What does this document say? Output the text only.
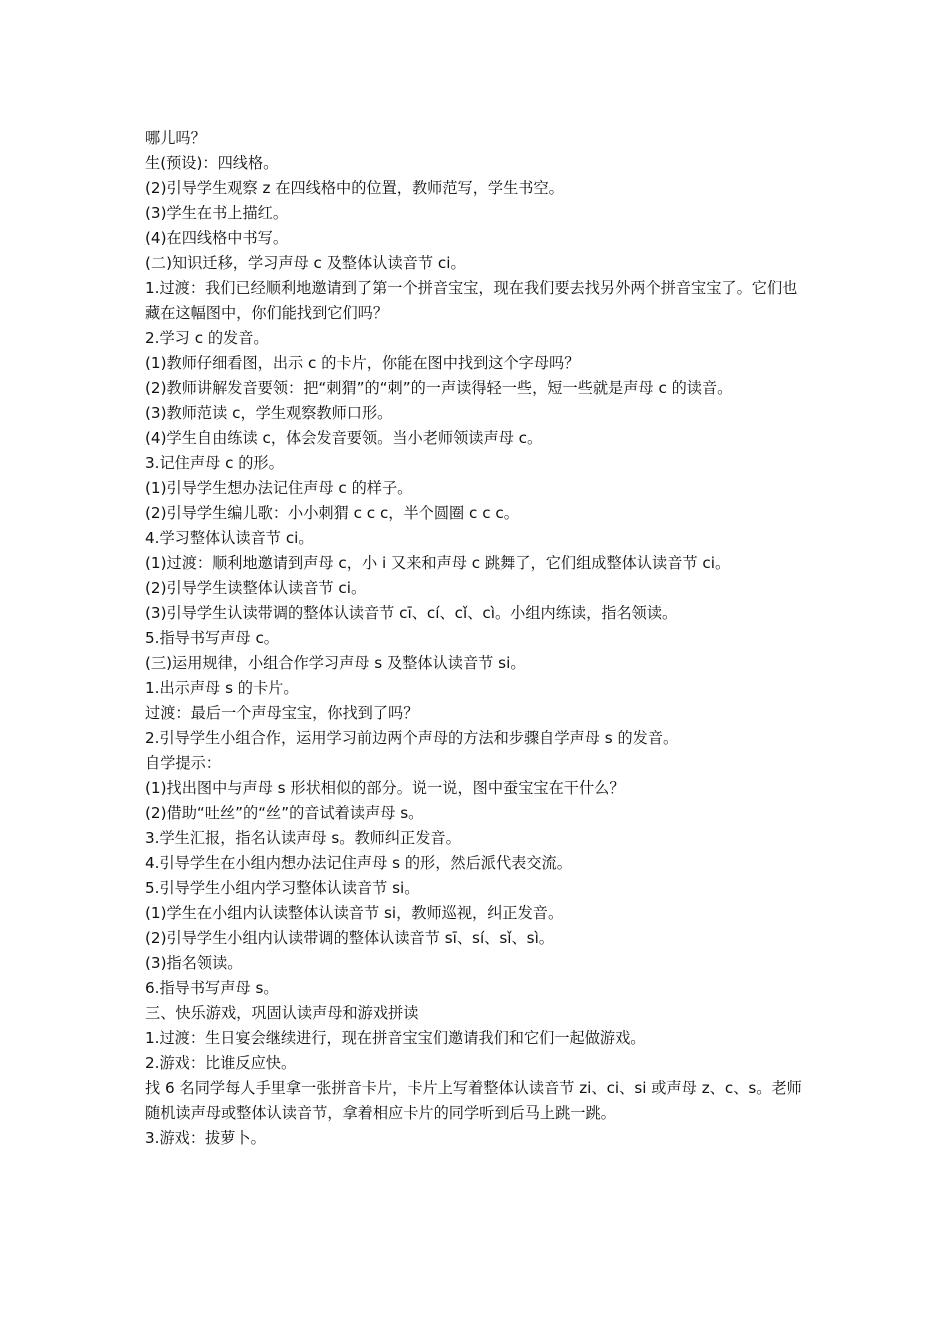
哪儿吗？
生(预设)：四线格。
(2)引导学生观察 z 在四线格中的位置，教师范写，学生书空。
(3)学生在书上描红。
(4)在四线格中书写。
(二)知识迁移，学习声母 c 及整体认读音节 ci。
1.过渡：我们已经顺利地邀请到了第一个拼音宝宝，现在我们要去找另外两个拼音宝宝了。它们也藏在这幅图中，你们能找到它们吗？
2.学习 c 的发音。
(1)教师仔细看图，出示 c 的卡片，你能在图中找到这个字母吗？
(2)教师讲解发音要领：把“刺猬”的“刺”的一声读得轻一些，短一些就是声母 c 的读音。
(3)教师范读 c，学生观察教师口形。
(4)学生自由练读 c，体会发音要领。当小老师领读声母 c。
3.记住声母 c 的形。
(1)引导学生想办法记住声母 c 的样子。
(2)引导学生编儿歌：小小刺猬 c c c，半个圆圈 c c c。
4.学习整体认读音节 ci。
(1)过渡：顺利地邀请到声母 c，小 i 又来和声母 c 跳舞了，它们组成整体认读音节 ci。
(2)引导学生读整体认读音节 ci。
(3)引导学生认读带调的整体认读音节 cī、cí、cǐ、cì。小组内练读，指名领读。
5.指导书写声母 c。
(三)运用规律，小组合作学习声母 s 及整体认读音节 si。
1.出示声母 s 的卡片。
过渡：最后一个声母宝宝，你找到了吗？
2.引导学生小组合作，运用学习前边两个声母的方法和步骤自学声母 s 的发音。
自学提示：
(1)找出图中与声母 s 形状相似的部分。说一说，图中蚕宝宝在干什么？
(2)借助“吐丝”的“丝”的音试着读声母 s。
3.学生汇报，指名认读声母 s。教师纠正发音。
4.引导学生在小组内想办法记住声母 s 的形，然后派代表交流。
5.引导学生小组内学习整体认读音节 si。
(1)学生在小组内认读整体认读音节 si，教师巡视，纠正发音。
(2)引导学生小组内认读带调的整体认读音节 sī、sí、sǐ、sì。
(3)指名领读。
6.指导书写声母 s。
三、快乐游戏，巩固认读声母和游戏拼读
1.过渡：生日宴会继续进行，现在拼音宝宝们邀请我们和它们一起做游戏。
2.游戏：比谁反应快。
找 6 名同学每人手里拿一张拼音卡片，卡片上写着整体认读音节 zi、ci、si 或声母 z、c、s。老师随机读声母或整体认读音节，拿着相应卡片的同学听到后马上跳一跳。
3.游戏：拔萝卜。
